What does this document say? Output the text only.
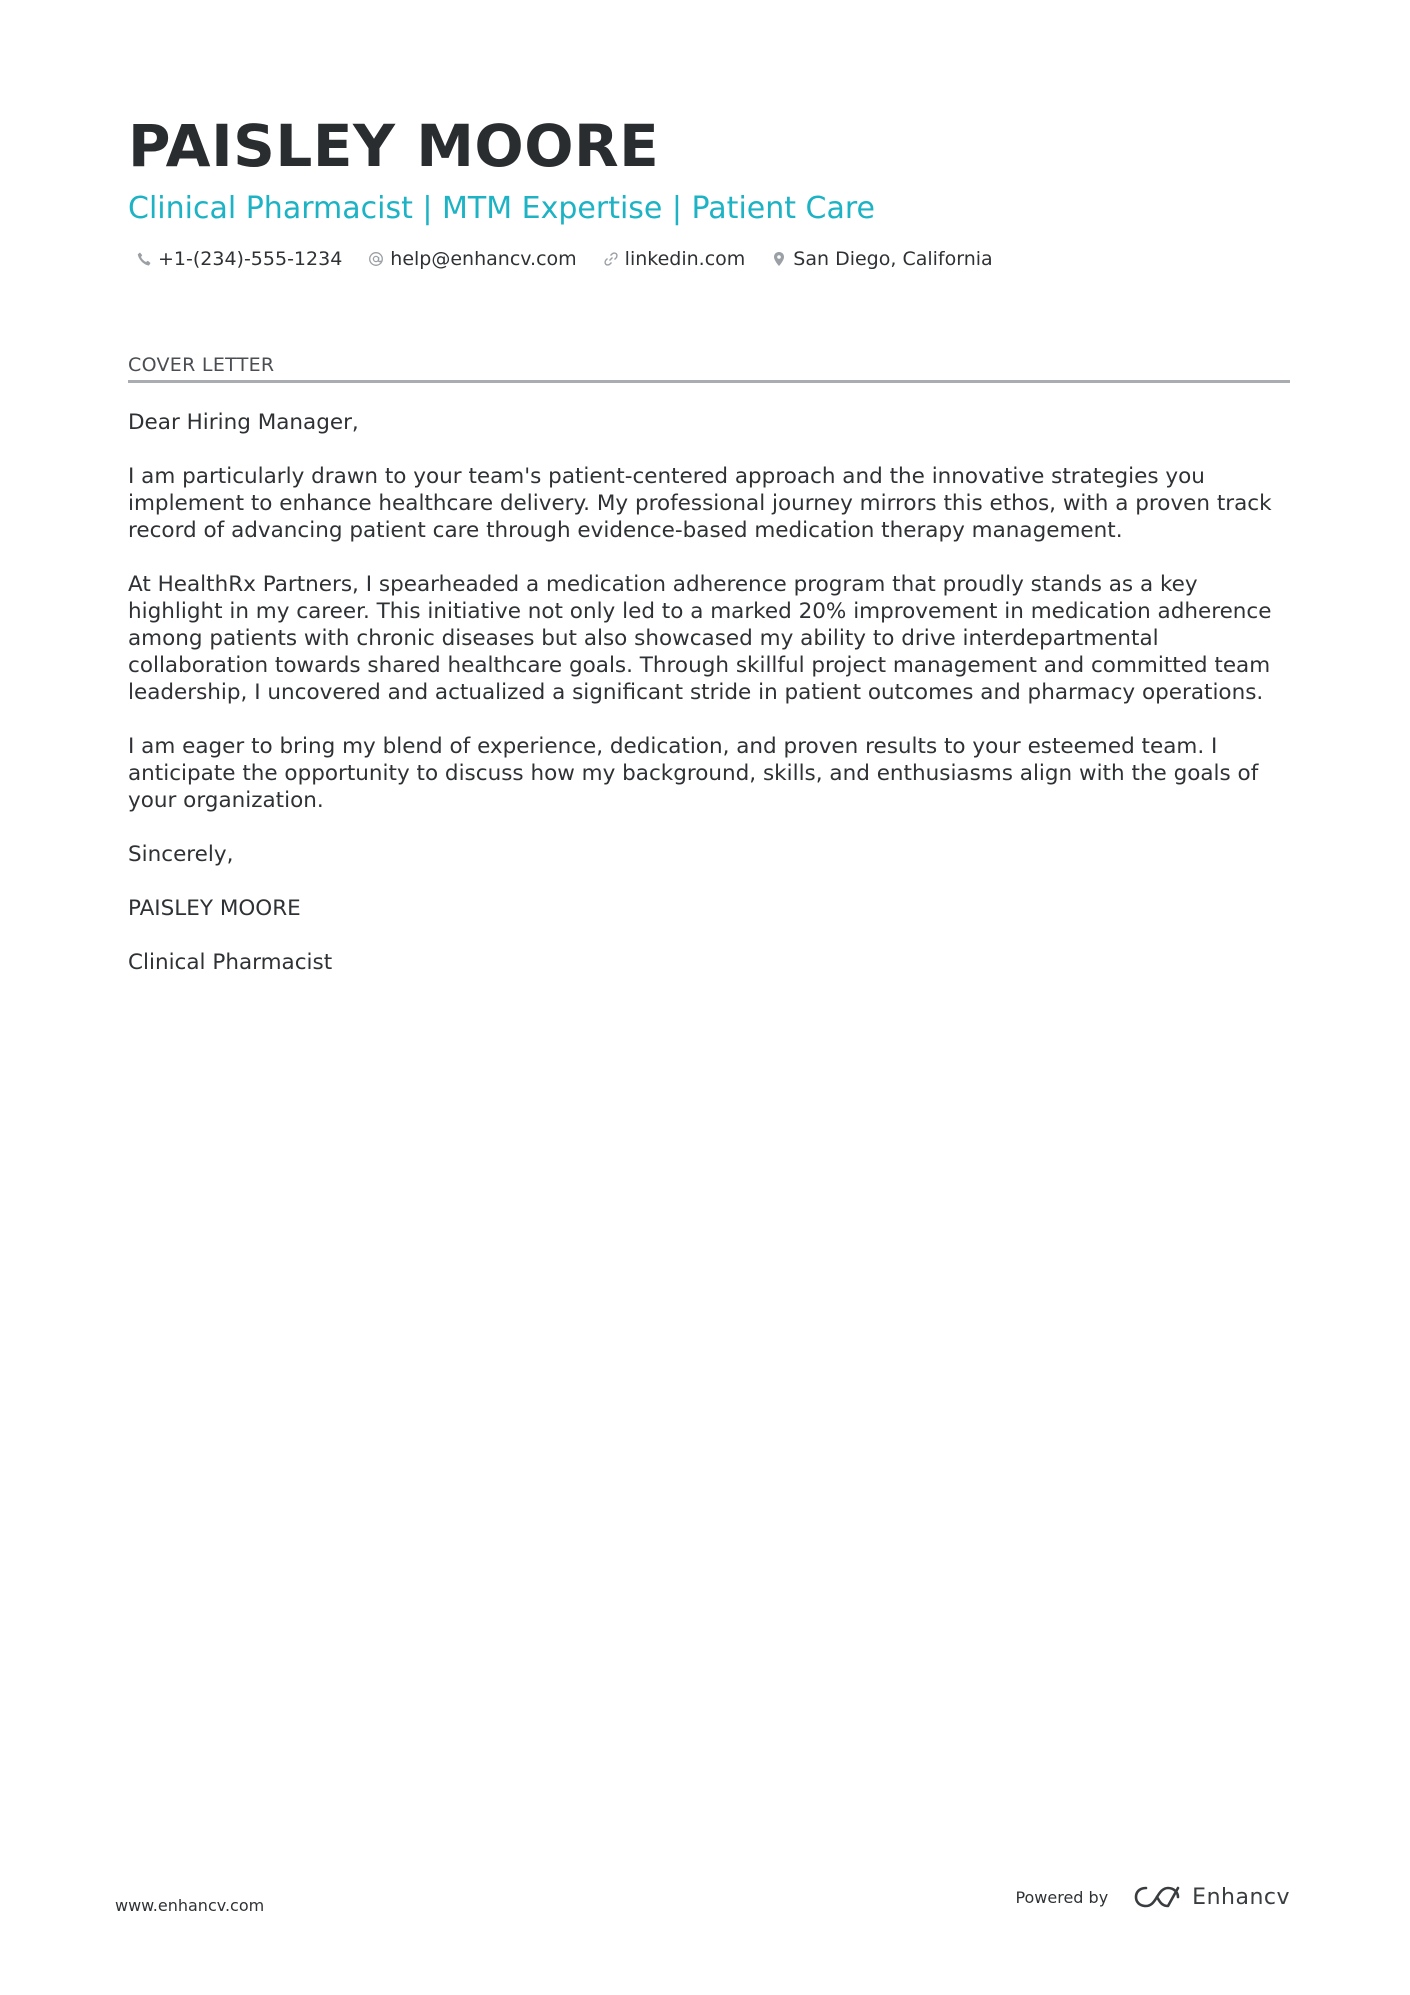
PAISLEY MOORE
Clinical Pharmacist | MTM Expertise | Patient Care
+1-(234)-555-1234	help@enhancv.com	linkedin.com	San Diego, California
COVER LETTER

Dear Hiring Manager,

I am particularly drawn to your team's patient-centered approach and the innovative strategies you implement to enhance healthcare delivery. My professional journey mirrors this ethos, with a proven track record of advancing patient care through evidence-based medication therapy management.

At HealthRx Partners, I spearheaded a medication adherence program that proudly stands as a key highlight in my career. This initiative not only led to a marked 20% improvement in medication adherence among patients with chronic diseases but also showcased my ability to drive interdepartmental collaboration towards shared healthcare goals. Through skillful project management and committed team leadership, I uncovered and actualized a significant stride in patient outcomes and pharmacy operations.

I am eager to bring my blend of experience, dedication, and proven results to your esteemed team. I anticipate the opportunity to discuss how my background, skills, and enthusiasms align with the goals of your organization.

Sincerely,

PAISLEY MOORE

Clinical Pharmacist

www.enhancv.com	Powered by	Enhancv
